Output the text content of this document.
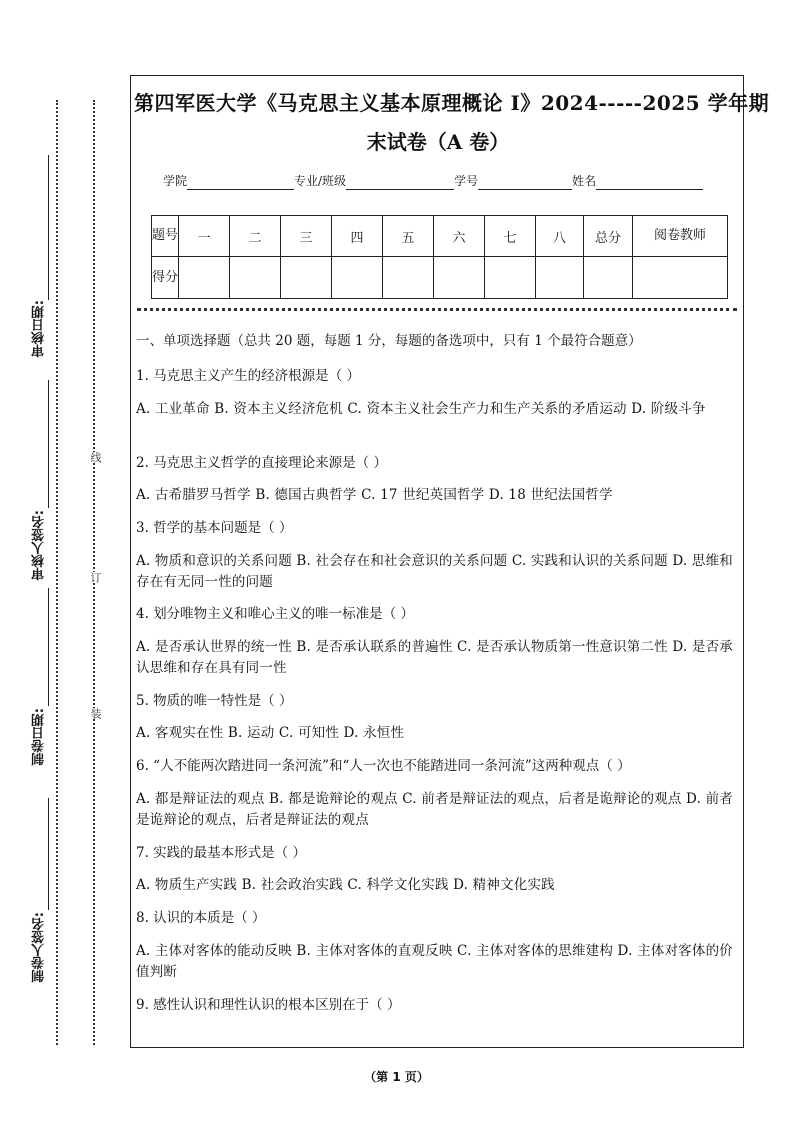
审核日期:
审核人签名:
制卷日期:
制卷人签名:
线
订
装
第四军医大学《马克思主义基本原理概论 I》2024-----2025 学年期
末试卷（A 卷）
学院	专业/班级	学号	姓名
题号	一	二	三	四	五	六	七	八	总分	阅卷教师
得分										
一、单项选择题（总共 20 题，每题 1 分，每题的备选项中，只有 1 个最符合题意）
1. 马克思主义产生的经济根源是（ ）
A. 工业革命 B. 资本主义经济危机 C. 资本主义社会生产力和生产关系的矛盾运动 D. 阶级斗争
2. 马克思主义哲学的直接理论来源是（ ）
A. 古希腊罗马哲学 B. 德国古典哲学 C. 17 世纪英国哲学 D. 18 世纪法国哲学
3. 哲学的基本问题是（ ）
A. 物质和意识的关系问题 B. 社会存在和社会意识的关系问题 C. 实践和认识的关系问题 D. 思维和存在有无同一性的问题
4. 划分唯物主义和唯心主义的唯一标准是（ ）
A. 是否承认世界的统一性 B. 是否承认联系的普遍性 C. 是否承认物质第一性意识第二性 D. 是否承认思维和存在具有同一性
5. 物质的唯一特性是（ ）
A. 客观实在性 B. 运动 C. 可知性 D. 永恒性
6. “人不能两次踏进同一条河流”和“人一次也不能踏进同一条河流”这两种观点（ ）
A. 都是辩证法的观点 B. 都是诡辩论的观点 C. 前者是辩证法的观点，后者是诡辩论的观点 D. 前者是诡辩论的观点，后者是辩证法的观点
7. 实践的最基本形式是（ ）
A. 物质生产实践 B. 社会政治实践 C. 科学文化实践 D. 精神文化实践
8. 认识的本质是（ ）
A. 主体对客体的能动反映 B. 主体对客体的直观反映 C. 主体对客体的思维建构 D. 主体对客体的价值判断
9. 感性认识和理性认识的根本区别在于（ ）
（第 1 页）
